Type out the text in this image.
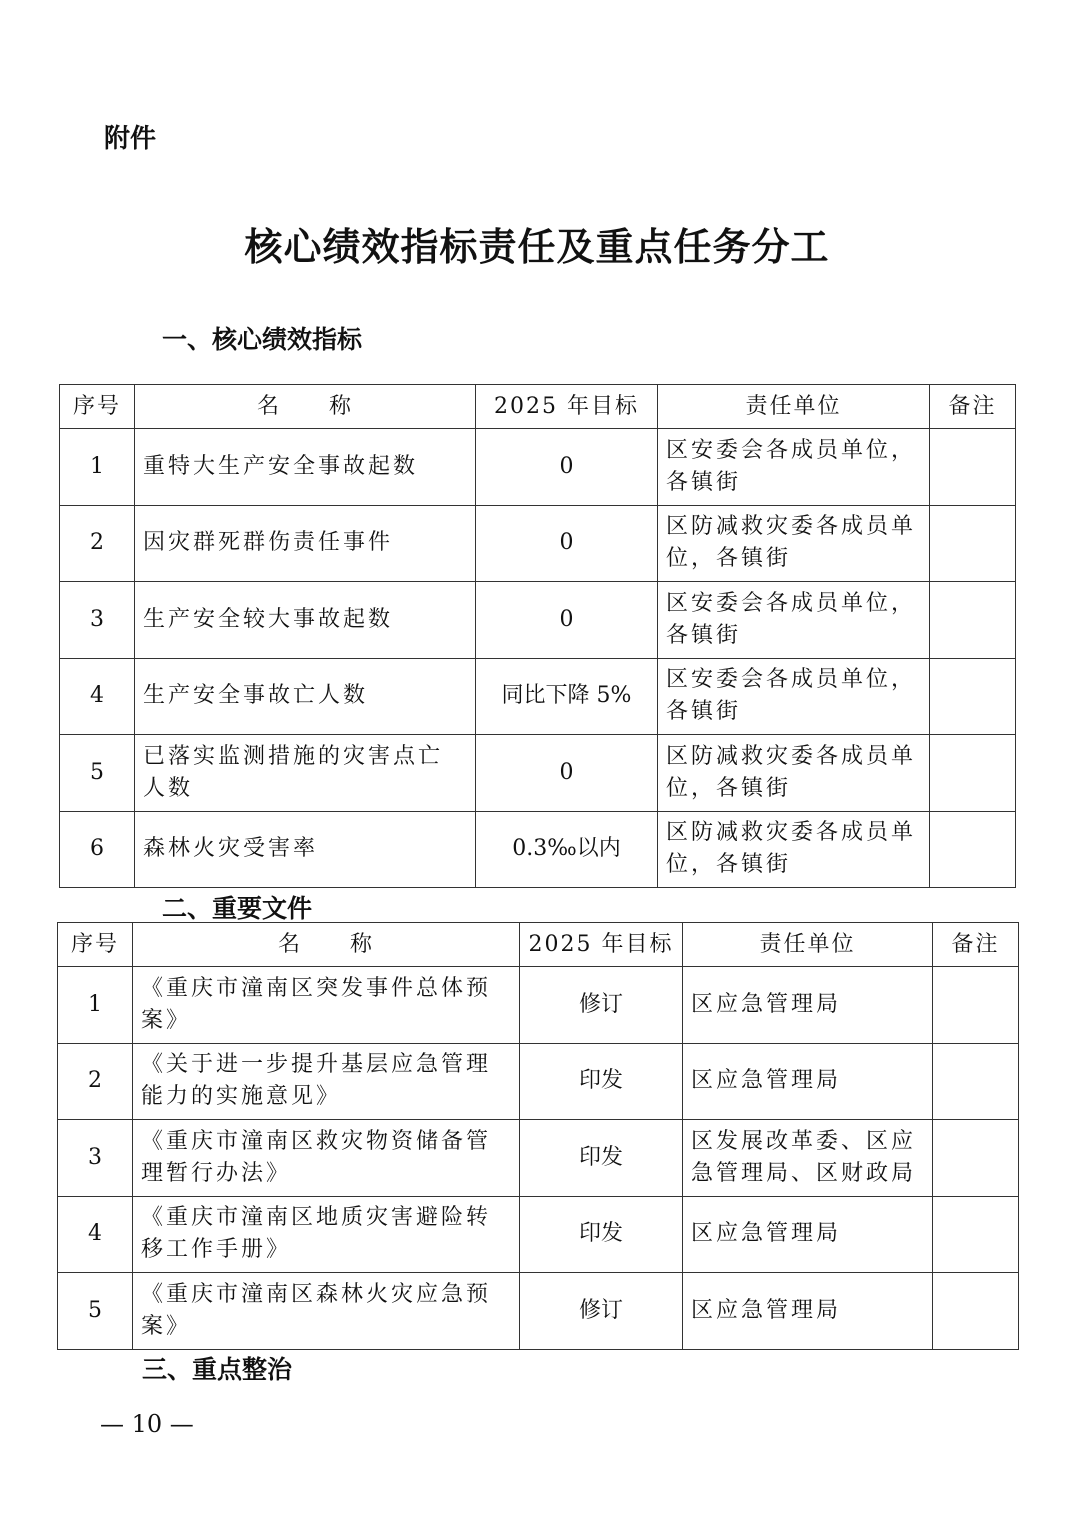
附件
核心绩效指标责任及重点任务分工
一、核心绩效指标
序号	名　　称	2025 年目标	责任单位	备注
1	重特大生产安全事故起数	0	区安委会各成员单位，各镇街	
2	因灾群死群伤责任事件	0	区防减救灾委各成员单位，各镇街	
3	生产安全较大事故起数	0	区安委会各成员单位，各镇街	
4	生产安全事故亡人数	同比下降 5%	区安委会各成员单位，各镇街	
5	已落实监测措施的灾害点亡人数	0	区防减救灾委各成员单位，各镇街	
6	森林火灾受害率	0.3‰以内	区防减救灾委各成员单位，各镇街	
二、重要文件
序号	名　　称	2025 年目标	责任单位	备注
1	《重庆市潼南区突发事件总体预案》	修订	区应急管理局	
2	《关于进一步提升基层应急管理能力的实施意见》	印发	区应急管理局	
3	《重庆市潼南区救灾物资储备管理暂行办法》	印发	区发展改革委、区应急管理局、区财政局	
4	《重庆市潼南区地质灾害避险转移工作手册》	印发	区应急管理局	
5	《重庆市潼南区森林火灾应急预案》	修订	区应急管理局	
三、重点整治
— 10 —
